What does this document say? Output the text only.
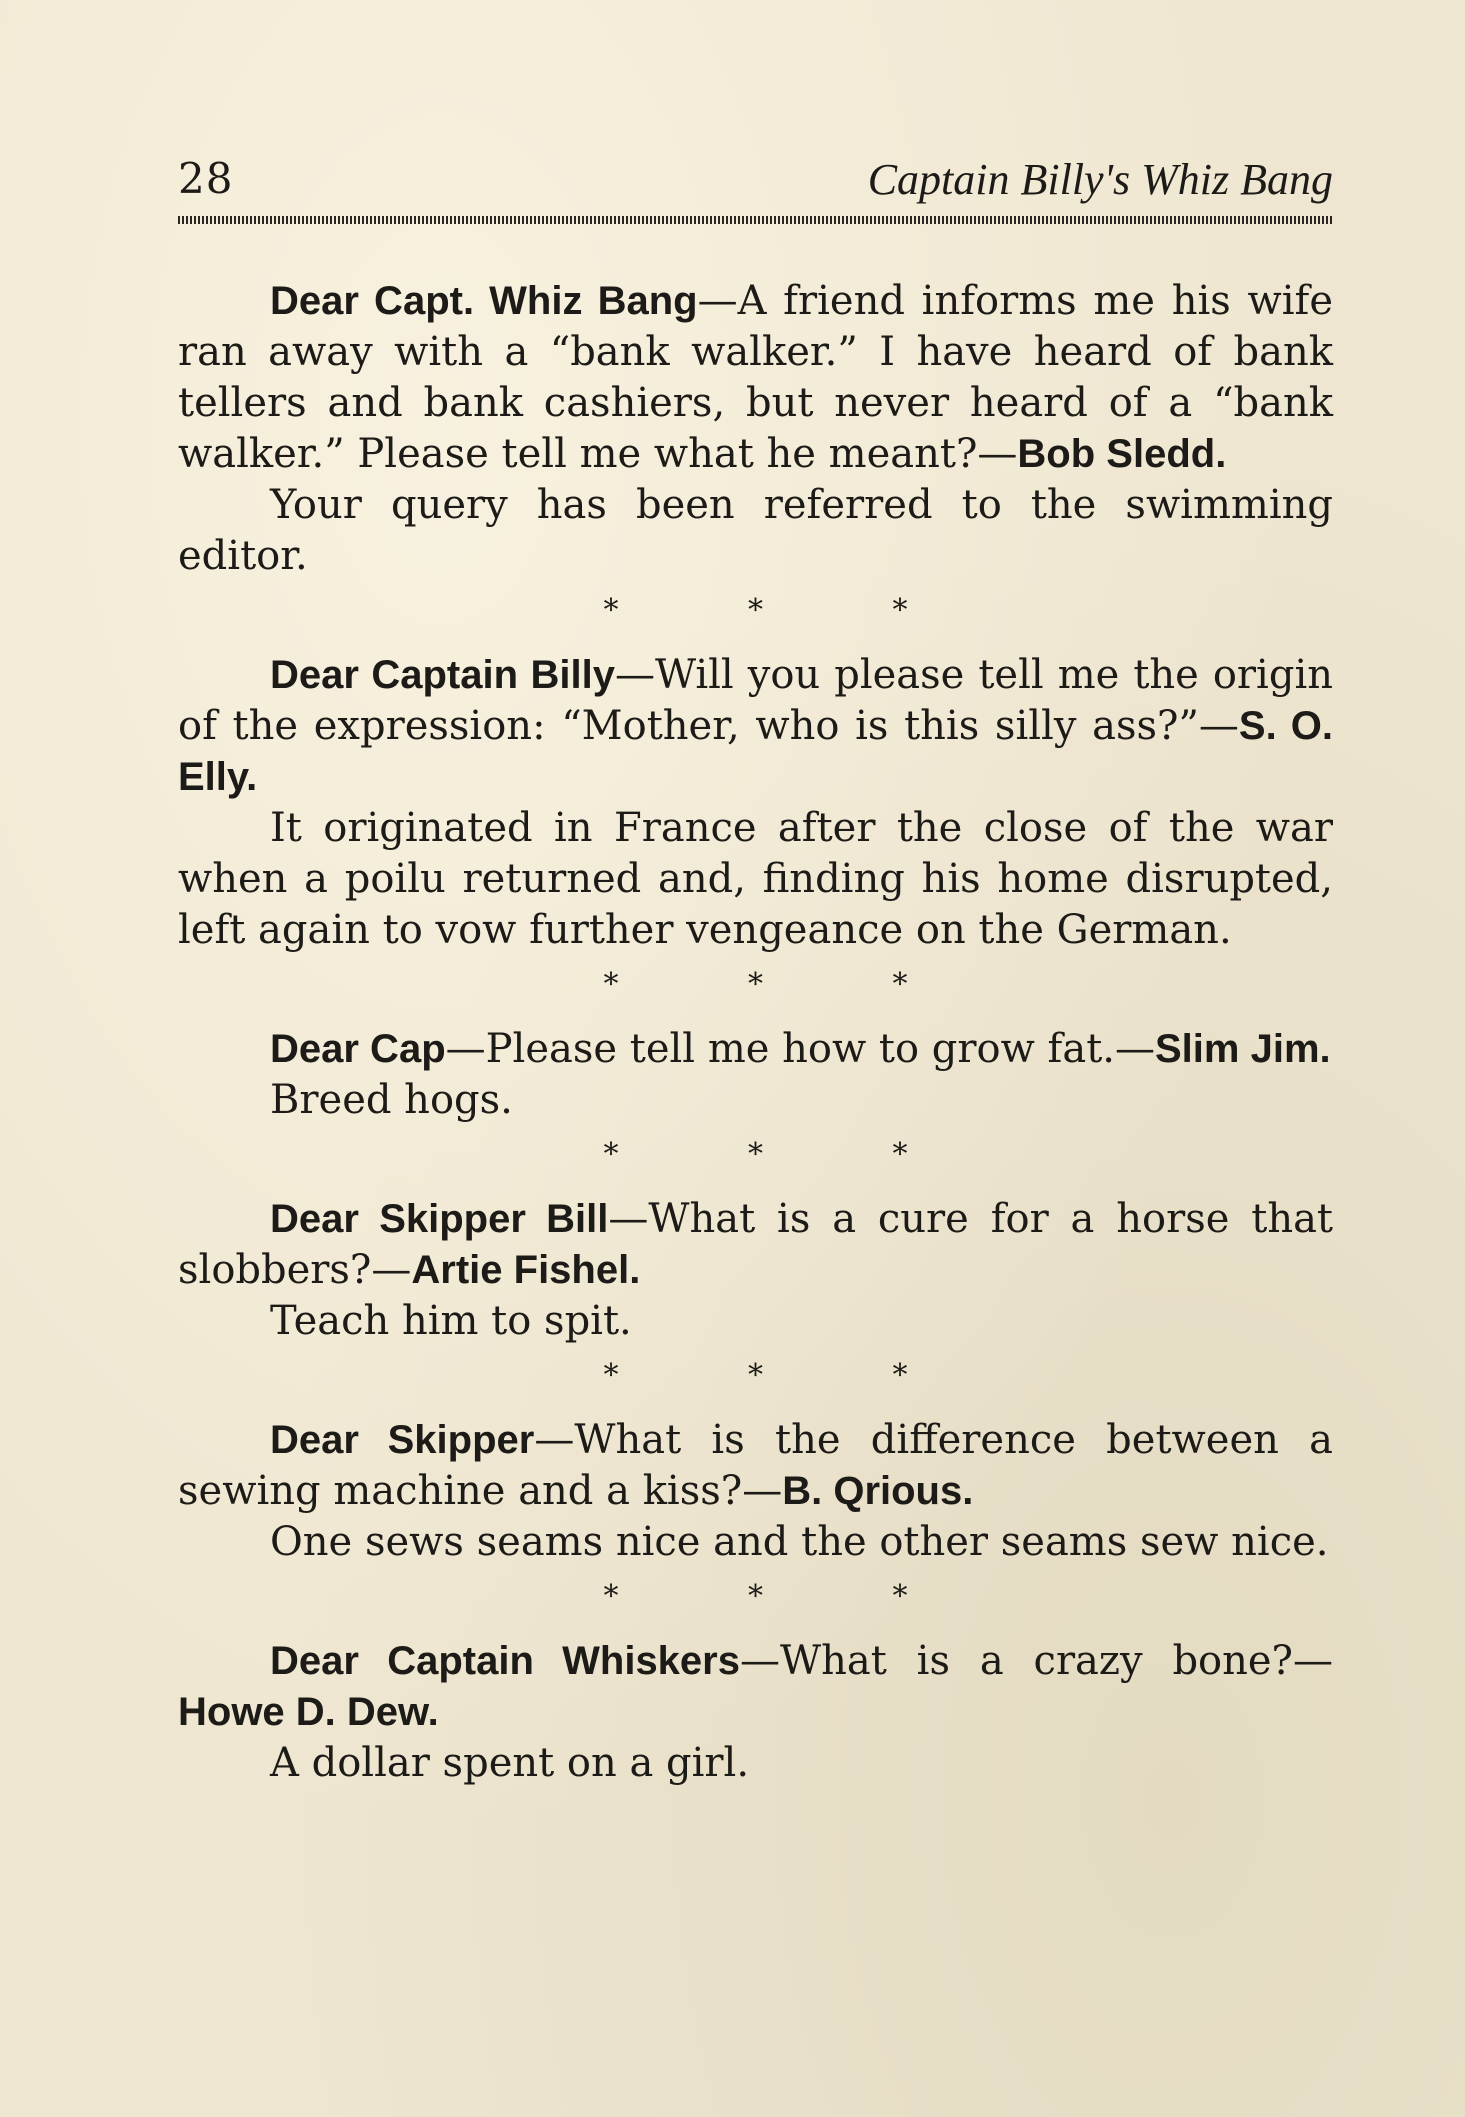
28	Captain Billy's Whiz Bang

Dear Capt. Whiz Bang—A friend informs me his wife ran away with a “bank walker.” I have heard of bank tellers and bank cashiers, but never heard of a “bank walker.” Please tell me what he meant?—Bob Sledd.

Your query has been referred to the swimming editor.

* * *

Dear Captain Billy—Will you please tell me the origin of the expression: “Mother, who is this silly ass?”—S. O. Elly.

It originated in France after the close of the war when a poilu returned and, finding his home disrupted, left again to vow further vengeance on the German.

* * *

Dear Cap—Please tell me how to grow fat.—Slim Jim.

Breed hogs.

* * *

Dear Skipper Bill—What is a cure for a horse that slobbers?—Artie Fishel.

Teach him to spit.

* * *

Dear Skipper—What is the difference between a sewing machine and a kiss?—B. Qrious.

One sews seams nice and the other seams sew nice.

* * *

Dear Captain Whiskers—What is a crazy bone?—Howe D. Dew.

A dollar spent on a girl.
